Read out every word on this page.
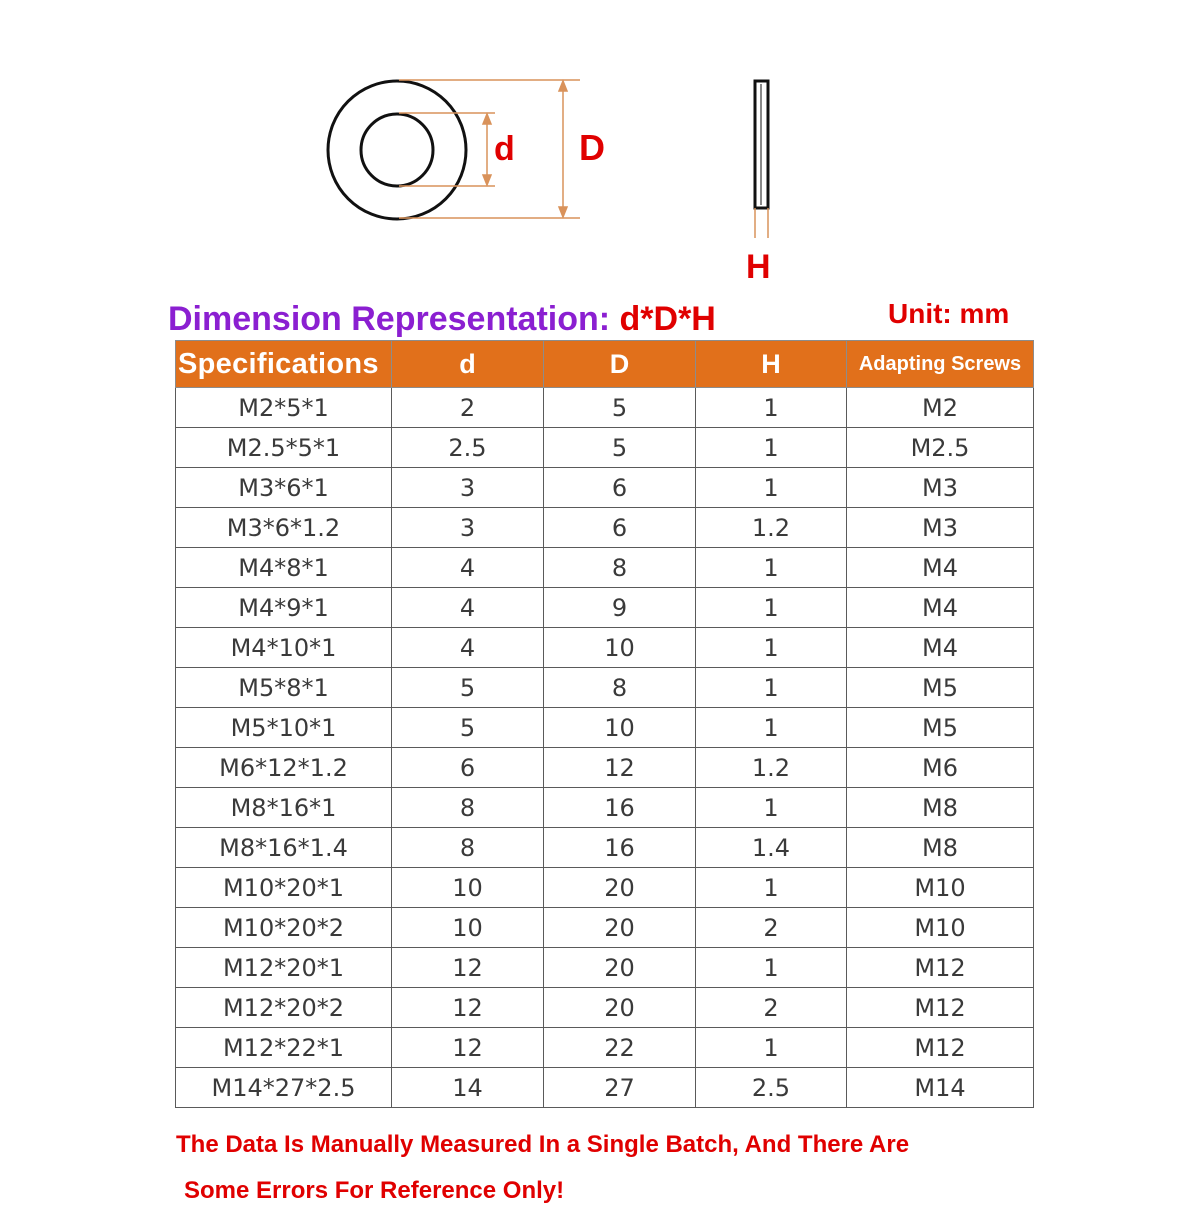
d D
H
Dimension Representation: d*D*H	Unit: mm
Specifications	d	D	H	Adapting Screws
M2*5*1	2	5	1	M2
M2.5*5*1	2.5	5	1	M2.5
M3*6*1	3	6	1	M3
M3*6*1.2	3	6	1.2	M3
M4*8*1	4	8	1	M4
M4*9*1	4	9	1	M4
M4*10*1	4	10	1	M4
M5*8*1	5	8	1	M5
M5*10*1	5	10	1	M5
M6*12*1.2	6	12	1.2	M6
M8*16*1	8	16	1	M8
M8*16*1.4	8	16	1.4	M8
M10*20*1	10	20	1	M10
M10*20*2	10	20	2	M10
M12*20*1	12	20	1	M12
M12*20*2	12	20	2	M12
M12*22*1	12	22	1	M12
M14*27*2.5	14	27	2.5	M14
The Data Is Manually Measured In a Single Batch, And There Are
Some Errors For Reference Only!
